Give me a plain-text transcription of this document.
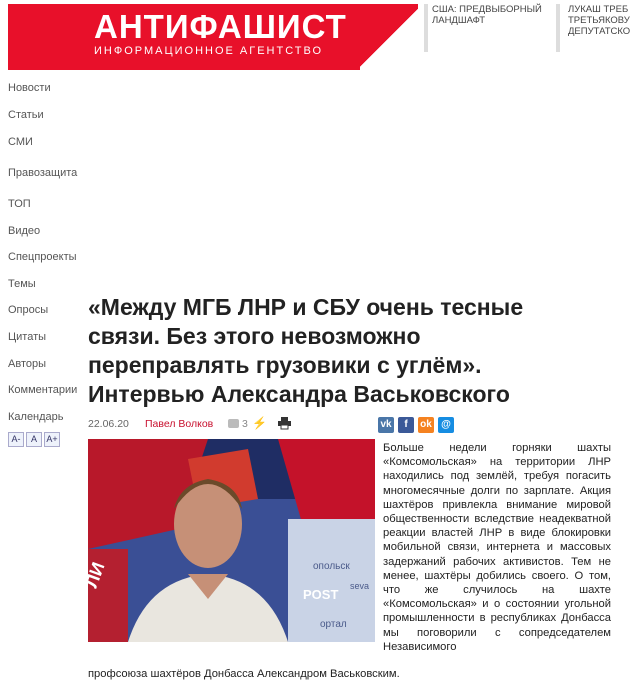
АНТИФАШИСТ
ИНФОРМАЦИОННОЕ АГЕНТСТВО
США: ПРЕДВЫБОРНЫЙ
ЛАНДШАФТ
ЛУКАШ ТРЕБ
ТРЕТЬЯКОВУ
ДЕПУТАТСКО
Новости
Статьи
СМИ
Правозащита
ТОП
Видео
Спецпроекты
Темы
Опросы
Цитаты
Авторы
Комментарии
Календарь
A-	A	A+
«Между МГБ ЛНР и СБУ очень тесные
связи. Без этого невозможно
переправлять грузовики с углём».
Интервью Александра Васьковского
22.06.20 Павел Волков	3 ⚡	vk	f	ok @
ЛИ
POST
опольск
ортал
seva
Больше недели горняки шахты «Комсомольская» на территории ЛНР находились под землёй, требуя погасить многомесячные долги по зарплате. Акция шахтёров привлекла внимание мировой общественности вследствие неадекватной реакции властей ЛНР в виде блокировки мобильной связи, интернета и массовых задержаний рабочих активистов. Тем не менее, шахтёры добились своего. О том, что же случилось на шахте «Комсомольская» и о состоянии угольной промышленности в республиках Донбасса мы поговорили с сопредседателем Независимого
профсоюза шахтёров Донбасса Александром Васьковским.
